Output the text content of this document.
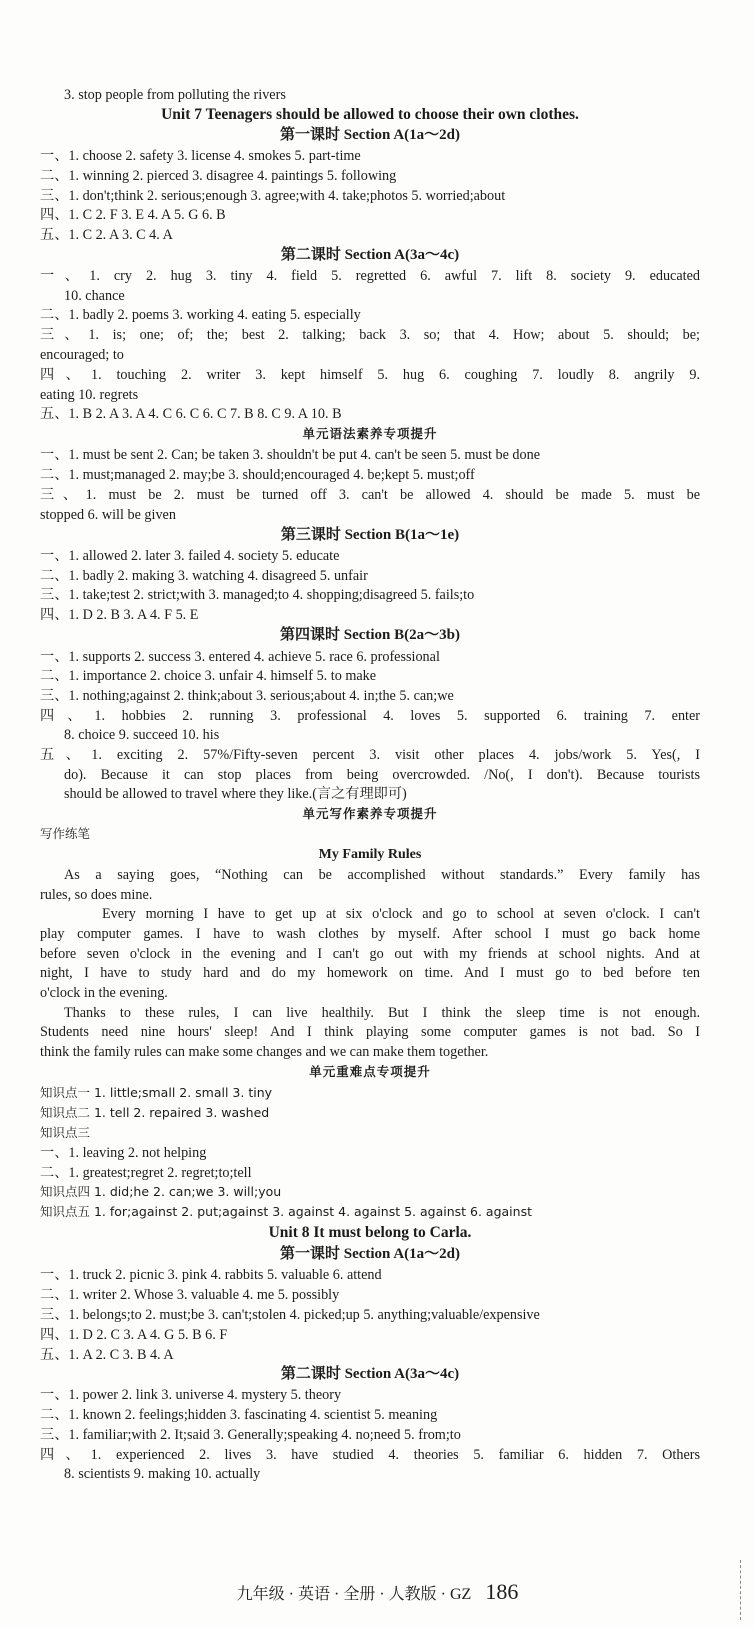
3. stop people from polluting the rivers
Unit 7 Teenagers should be allowed to choose their own clothes.
第一课时 Section A(1a～2d)
一、1. choose 2. safety 3. license 4. smokes 5. part-time
二、1. winning 2. pierced 3. disagree 4. paintings 5. following
三、1. don't;think 2. serious;enough 3. agree;with 4. take;photos 5. worried;about
四、1. C 2. F 3. E 4. A 5. G 6. B
五、1. C 2. A 3. C 4. A
第二课时 Section A(3a～4c)
一、1. cry 2. hug 3. tiny 4. field 5. regretted 6. awful 7. lift 8. society 9. educated
10. chance
二、1. badly 2. poems 3. working 4. eating 5. especially
三、1. is; one; of; the; best 2. talking; back 3. so; that 4. How; about 5. should; be;
encouraged; to
四、1. touching 2. writer 3. kept himself 5. hug 6. coughing 7. loudly 8. angrily 9.
eating 10. regrets
五、1. B 2. A 3. A 4. C 6. C 6. C 7. B 8. C 9. A 10. B
单元语法素养专项提升
一、1. must be sent 2. Can; be taken 3. shouldn't be put 4. can't be seen 5. must be done
二、1. must;managed 2. may;be 3. should;encouraged 4. be;kept 5. must;off
三、1. must be 2. must be turned off 3. can't be allowed 4. should be made 5. must be
stopped 6. will be given
第三课时 Section B(1a～1e)
一、1. allowed 2. later 3. failed 4. society 5. educate
二、1. badly 2. making 3. watching 4. disagreed 5. unfair
三、1. take;test 2. strict;with 3. managed;to 4. shopping;disagreed 5. fails;to
四、1. D 2. B 3. A 4. F 5. E
第四课时 Section B(2a～3b)
一、1. supports 2. success 3. entered 4. achieve 5. race 6. professional
二、1. importance 2. choice 3. unfair 4. himself 5. to make
三、1. nothing;against 2. think;about 3. serious;about 4. in;the 5. can;we
四、1. hobbies 2. running 3. professional 4. loves 5. supported 6. training 7. enter
8. choice 9. succeed 10. his
五、1. exciting 2. 57%/Fifty-seven percent 3. visit other places 4. jobs/work 5. Yes(, I
do). Because it can stop places from being overcrowded. /No(, I don't). Because tourists
should be allowed to travel where they like.(言之有理即可)
单元写作素养专项提升
写作练笔
My Family Rules
As a saying goes, “Nothing can be accomplished without standards.” Every family has
rules, so does mine.
Every morning I have to get up at six o'clock and go to school at seven o'clock. I can't
play computer games. I have to wash clothes by myself. After school I must go back home
before seven o'clock in the evening and I can't go out with my friends at school nights. And at
night, I have to study hard and do my homework on time. And I must go to bed before ten
o'clock in the evening.
Thanks to these rules, I can live healthily. But I think the sleep time is not enough.
Students need nine hours' sleep! And I think playing some computer games is not bad. So I
think the family rules can make some changes and we can make them together.
单元重难点专项提升
知识点一 1. little;small 2. small 3. tiny
知识点二 1. tell 2. repaired 3. washed
知识点三
一、1. leaving 2. not helping
二、1. greatest;regret 2. regret;to;tell
知识点四 1. did;he 2. can;we 3. will;you
知识点五 1. for;against 2. put;against 3. against 4. against 5. against 6. against
Unit 8 It must belong to Carla.
第一课时 Section A(1a～2d)
一、1. truck 2. picnic 3. pink 4. rabbits 5. valuable 6. attend
二、1. writer 2. Whose 3. valuable 4. me 5. possibly
三、1. belongs;to 2. must;be 3. can't;stolen 4. picked;up 5. anything;valuable/expensive
四、1. D 2. C 3. A 4. G 5. B 6. F
五、1. A 2. C 3. B 4. A
第二课时 Section A(3a～4c)
一、1. power 2. link 3. universe 4. mystery 5. theory
二、1. known 2. feelings;hidden 3. fascinating 4. scientist 5. meaning
三、1. familiar;with 2. It;said 3. Generally;speaking 4. no;need 5. from;to
四、1. experienced 2. lives 3. have studied 4. theories 5. familiar 6. hidden 7. Others
8. scientists 9. making 10. actually
九年级 · 英语 · 全册 · 人教版 · GZ 186
